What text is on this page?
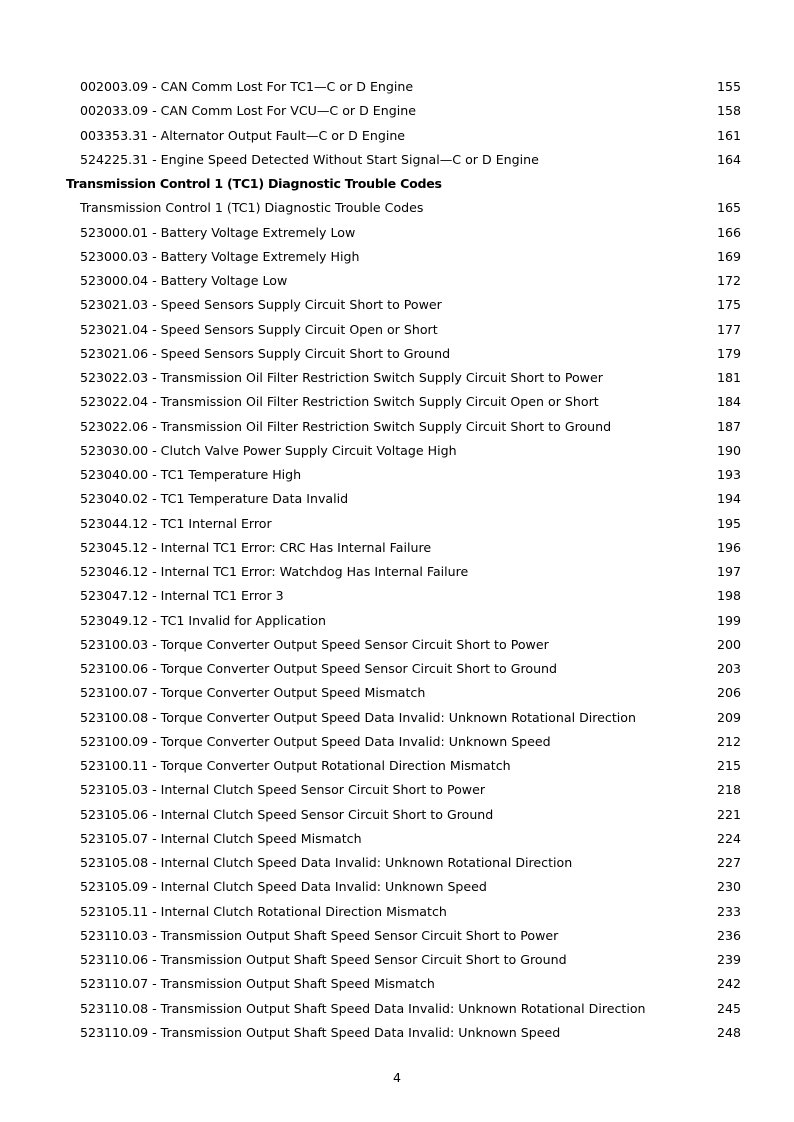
002003.09 - CAN Comm Lost For TC1—C or D Engine	155
002033.09 - CAN Comm Lost For VCU—C or D Engine	158
003353.31 - Alternator Output Fault—C or D Engine	161
524225.31 - Engine Speed Detected Without Start Signal—C or D Engine	164
Transmission Control 1 (TC1) Diagnostic Trouble Codes
Transmission Control 1 (TC1) Diagnostic Trouble Codes	165
523000.01 - Battery Voltage Extremely Low	166
523000.03 - Battery Voltage Extremely High	169
523000.04 - Battery Voltage Low	172
523021.03 - Speed Sensors Supply Circuit Short to Power	175
523021.04 - Speed Sensors Supply Circuit Open or Short	177
523021.06 - Speed Sensors Supply Circuit Short to Ground	179
523022.03 - Transmission Oil Filter Restriction Switch Supply Circuit Short to Power	181
523022.04 - Transmission Oil Filter Restriction Switch Supply Circuit Open or Short	184
523022.06 - Transmission Oil Filter Restriction Switch Supply Circuit Short to Ground	187
523030.00 - Clutch Valve Power Supply Circuit Voltage High	190
523040.00 - TC1 Temperature High	193
523040.02 - TC1 Temperature Data Invalid	194
523044.12 - TC1 Internal Error	195
523045.12 - Internal TC1 Error: CRC Has Internal Failure	196
523046.12 - Internal TC1 Error: Watchdog Has Internal Failure	197
523047.12 - Internal TC1 Error 3	198
523049.12 - TC1 Invalid for Application	199
523100.03 - Torque Converter Output Speed Sensor Circuit Short to Power	200
523100.06 - Torque Converter Output Speed Sensor Circuit Short to Ground	203
523100.07 - Torque Converter Output Speed Mismatch	206
523100.08 - Torque Converter Output Speed Data Invalid: Unknown Rotational Direction	209
523100.09 - Torque Converter Output Speed Data Invalid: Unknown Speed	212
523100.11 - Torque Converter Output Rotational Direction Mismatch	215
523105.03 - Internal Clutch Speed Sensor Circuit Short to Power	218
523105.06 - Internal Clutch Speed Sensor Circuit Short to Ground	221
523105.07 - Internal Clutch Speed Mismatch	224
523105.08 - Internal Clutch Speed Data Invalid: Unknown Rotational Direction	227
523105.09 - Internal Clutch Speed Data Invalid: Unknown Speed	230
523105.11 - Internal Clutch Rotational Direction Mismatch	233
523110.03 - Transmission Output Shaft Speed Sensor Circuit Short to Power	236
523110.06 - Transmission Output Shaft Speed Sensor Circuit Short to Ground	239
523110.07 - Transmission Output Shaft Speed Mismatch	242
523110.08 - Transmission Output Shaft Speed Data Invalid: Unknown Rotational Direction	245
523110.09 - Transmission Output Shaft Speed Data Invalid: Unknown Speed	248
4
